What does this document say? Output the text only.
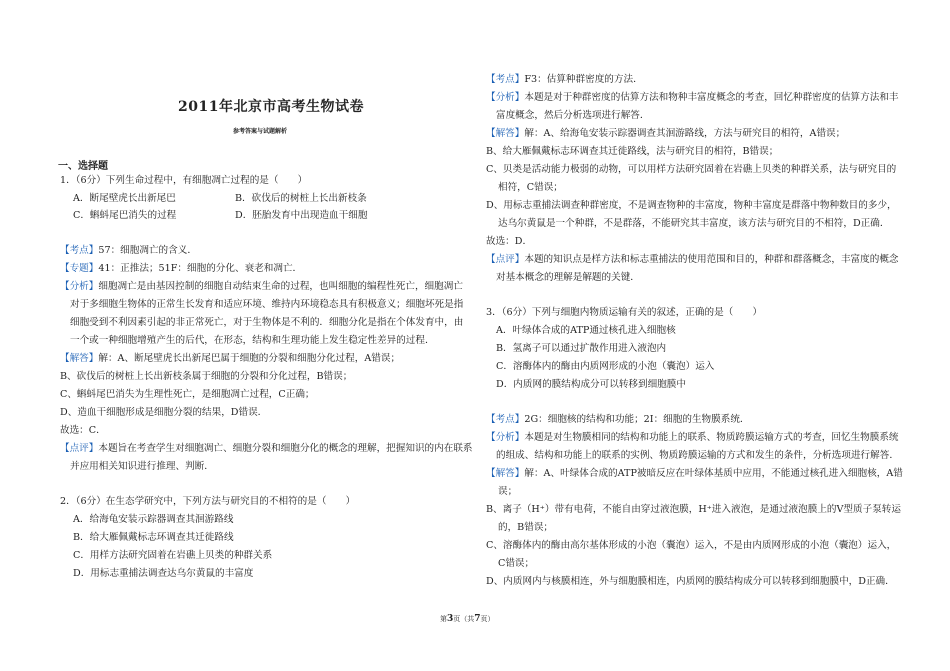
2011年北京市高考生物试卷
参考答案与试题解析
一、选择题
1．（6分）下列生命过程中，有细胞凋亡过程的是（　　）
A．断尾壁虎长出新尾巴	B．砍伐后的树桩上长出新枝条
C．蝌蚪尾巴消失的过程	D．胚胎发育中出现造血干细胞
【考点】57：细胞凋亡的含义．
【专题】41：正推法；51F：细胞的分化、衰老和凋亡．
【分析】细胞凋亡是由基因控制的细胞自动结束生命的过程，也叫细胞的编程性死亡，细胞凋亡
对于多细胞生物体的正常生长发育和适应环境、维持内环境稳态具有积极意义；细胞坏死是指
细胞受到不利因素引起的非正常死亡，对于生物体是不利的．细胞分化是指在个体发育中，由
一个或一种细胞增殖产生的后代，在形态，结构和生理功能上发生稳定性差异的过程．
【解答】解：A、断尾壁虎长出新尾巴属于细胞的分裂和细胞分化过程，A错误；
B、砍伐后的树桩上长出新枝条属于细胞的分裂和分化过程，B错误；
C、蝌蚪尾巴消失为生理性死亡，是细胞凋亡过程，C正确；
D、造血干细胞形成是细胞分裂的结果，D错误．
故选：C．
【点评】本题旨在考查学生对细胞凋亡、细胞分裂和细胞分化的概念的理解，把握知识的内在联系
并应用相关知识进行推理、判断．
2．（6分）在生态学研究中，下列方法与研究目的不相符的是（　　）
A．给海龟安装示踪器调查其洄游路线
B．给大雁佩戴标志环调查其迁徙路线
C．用样方法研究固着在岩礁上贝类的种群关系
D．用标志重捕法调查达乌尔黄鼠的丰富度
【考点】F3：估算种群密度的方法．
【分析】本题是对于种群密度的估算方法和物种丰富度概念的考查，回忆种群密度的估算方法和丰
富度概念，然后分析选项进行解答．
【解答】解：A、给海龟安装示踪器调查其洄游路线，方法与研究目的相符，A错误；
B、给大雁佩戴标志环调查其迁徙路线，法与研究目的相符，B错误；
C、贝类是活动能力极弱的动物，可以用样方法研究固着在岩礁上贝类的种群关系，法与研究目的
相符，C错误；
D、用标志重捕法调查种群密度，不是调查物种的丰富度，物种丰富度是群落中物种数目的多少，
达乌尔黄鼠是一个种群，不是群落，不能研究其丰富度，该方法与研究目的不相符，D正确．
故选：D．
【点评】本题的知识点是样方法和标志重捕法的使用范围和目的，种群和群落概念，丰富度的概念
对基本概念的理解是解题的关键．
3．（6分）下列与细胞内物质运输有关的叙述，正确的是（　　）
A．叶绿体合成的ATP通过核孔进入细胞核
B．氢离子可以通过扩散作用进入液泡内
C．溶酶体内的酶由内质网形成的小泡（囊泡）运入
D．内质网的膜结构成分可以转移到细胞膜中
【考点】2G：细胞核的结构和功能；2I：细胞的生物膜系统．
【分析】本题是对生物膜相同的结构和功能上的联系、物质跨膜运输方式的考查，回忆生物膜系统
的组成、结构和功能上的联系的实例、物质跨膜运输的方式和发生的条件，分析选项进行解答．
【解答】解：A、叶绿体合成的ATP被暗反应在叶绿体基质中应用，不能通过核孔进入细胞核，A错
误；
B、离子（H⁺）带有电荷，不能自由穿过液泡膜，H⁺进入液泡，是通过液泡膜上的V型质子泵转运
的，B错误；
C、溶酶体内的酶由高尔基体形成的小泡（囊泡）运入，不是由内质网形成的小泡（囊泡）运入，
C错误；
D、内质网内与核膜相连，外与细胞膜相连，内质网的膜结构成分可以转移到细胞膜中，D正确．
第3页（共7页）
